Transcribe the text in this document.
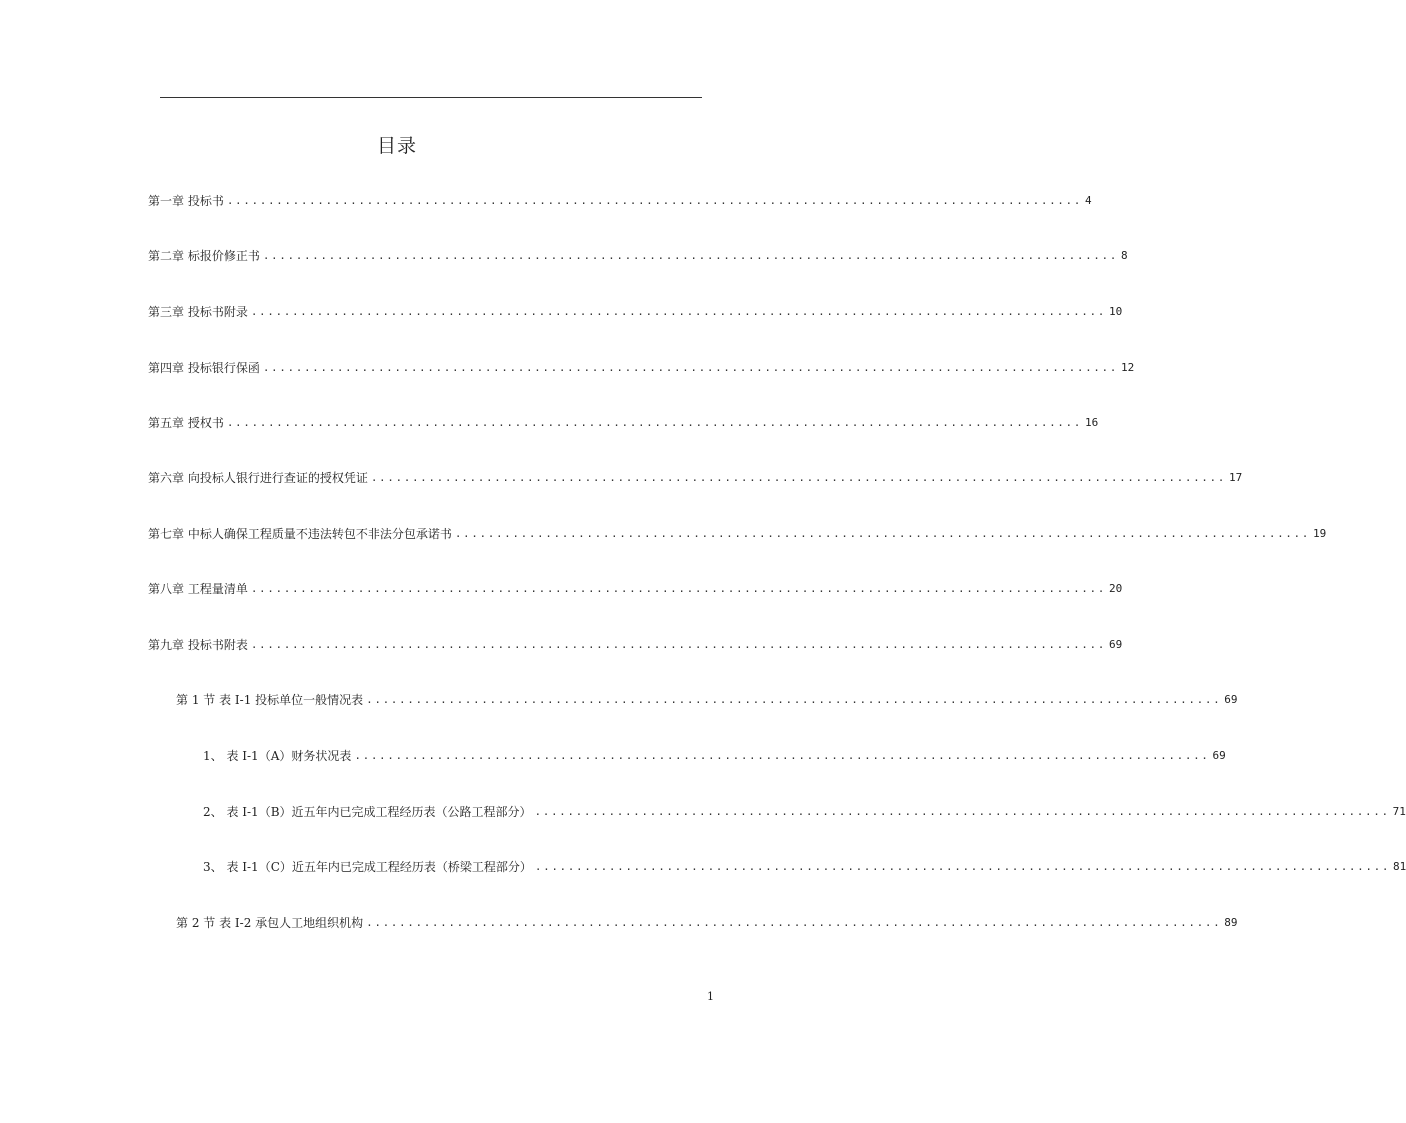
目录
第一章 投标书 ........................................................................................................ 4
第二章 标报价修正书 ........................................................................................................ 8
第三章 投标书附录 ........................................................................................................ 10
第四章 投标银行保函 ........................................................................................................ 12
第五章 授权书 ........................................................................................................ 16
第六章 向投标人银行进行查证的授权凭证 ........................................................................................................ 17
第七章 中标人确保工程质量不违法转包不非法分包承诺书 ........................................................................................................ 19
第八章 工程量清单 ........................................................................................................ 20
第九章 投标书附表 ........................................................................................................ 69
第 1 节 表 I-1 投标单位一般情况表 ........................................................................................................ 69
1、 表 I-1（A）财务状况表 ........................................................................................................ 69
2、 表 I-1（B）近五年内已完成工程经历表（公路工程部分） ........................................................................................................ 71
3、 表 I-1（C）近五年内已完成工程经历表（桥梁工程部分） ........................................................................................................ 81
第 2 节 表 I-2 承包人工地组织机构 ........................................................................................................ 89
1
